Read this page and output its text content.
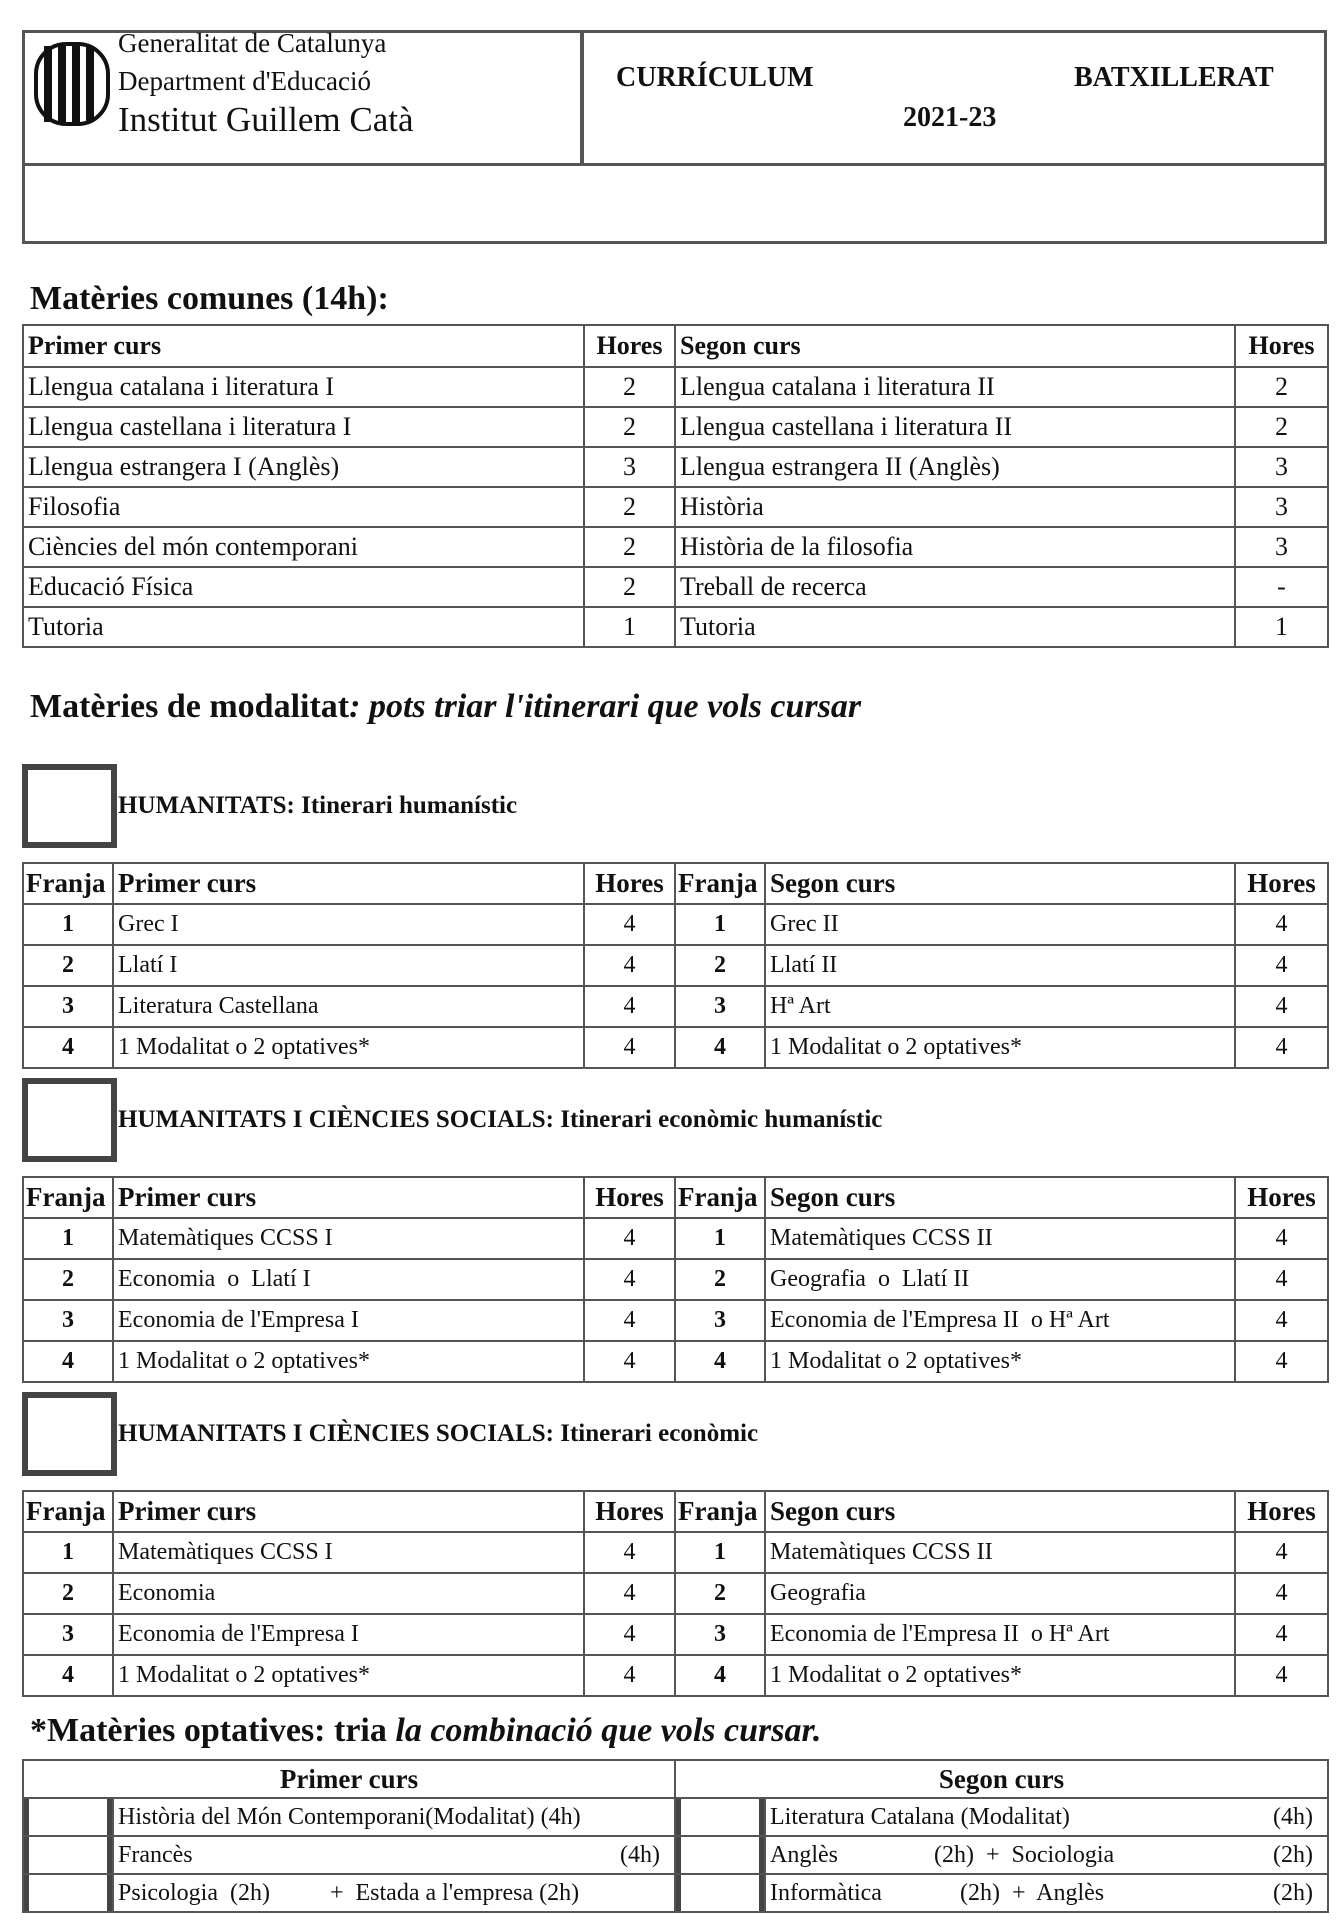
Generalitat de Catalunya
Department d'Educació
Institut Guillem Catà
CURRÍCULUM	BATXILLERAT
2021-23
Matèries comunes (14h):
Primer curs	Hores	Segon curs	Hores
Llengua catalana i literatura I	2	Llengua catalana i literatura II	2
Llengua castellana i literatura I	2	Llengua castellana i literatura II	2
Llengua estrangera I (Anglès)	3	Llengua estrangera II (Anglès)	3
Filosofia	2	Història	3
Ciències del món contemporani	2	Història de la filosofia	3
Educació Física	2	Treball de recerca	-
Tutoria	1	Tutoria	1
Matèries de modalitat: pots triar l'itinerari que vols cursar
HUMANITATS: Itinerari humanístic
Franja	Primer curs	Hores	Franja	Segon curs	Hores
1	Grec I	4	1	Grec II	4
2	Llatí I	4	2	Llatí II	4
3	Literatura Castellana	4	3	Hª Art	4
4	1 Modalitat o 2 optatives*	4	4	1 Modalitat o 2 optatives*	4
HUMANITATS I CIÈNCIES SOCIALS: Itinerari econòmic humanístic
Franja	Primer curs	Hores	Franja	Segon curs	Hores
1	Matemàtiques CCSS I	4	1	Matemàtiques CCSS II	4
2	Economia  o  Llatí I	4	2	Geografia  o  Llatí II	4
3	Economia de l'Empresa I	4	3	Economia de l'Empresa II  o Hª Art	4
4	1 Modalitat o 2 optatives*	4	4	1 Modalitat o 2 optatives*	4
HUMANITATS I CIÈNCIES SOCIALS: Itinerari econòmic
Franja	Primer curs	Hores	Franja	Segon curs	Hores
1	Matemàtiques CCSS I	4	1	Matemàtiques CCSS II	4
2	Economia	4	2	Geografia	4
3	Economia de l'Empresa I	4	3	Economia de l'Empresa II  o Hª Art	4
4	1 Modalitat o 2 optatives*	4	4	1 Modalitat o 2 optatives*	4
*Matèries optatives: tria la combinació que vols cursar.
Primer curs		Segon curs	

	Història del Món Contemporani(Modalitat) (4h)		Literatura Catalana (Modalitat) (4h)

	Francès (4h)		Anglès                (2h)  +  Sociologia (2h)

	Psicologia  (2h)          +  Estada a l'empresa (2h)		Informàtica             (2h)  +  Anglès (2h)
